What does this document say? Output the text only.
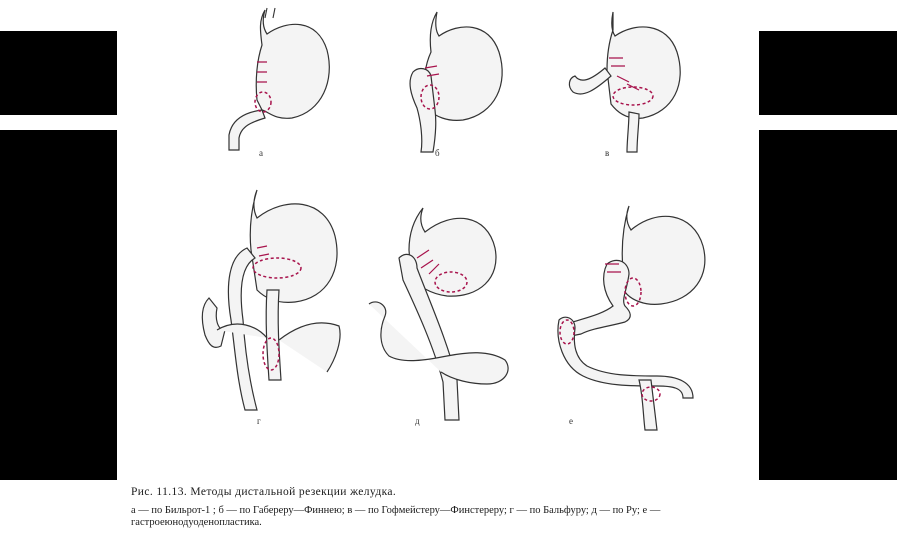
а	б	в
г	д	е
Рис. 11.13. Методы дистальной резекции желудка.
а — по Бильрот-1 ; б — по Габереру—Финнею; в — по Гофмейстеру—Финстереру; г — по Бальфуру; д — по Ру; е — гастроеюнодуоденопластика.
